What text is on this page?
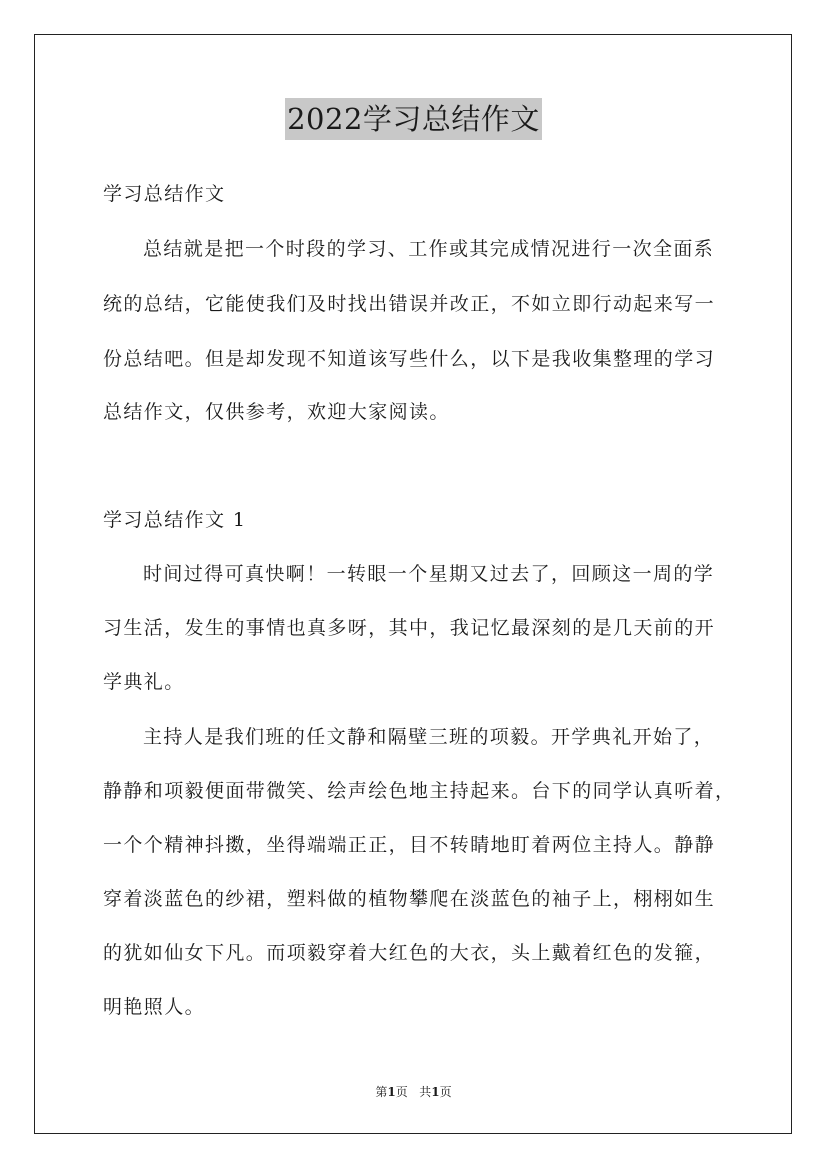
2022学习总结作文
学习总结作文
总结就是把一个时段的学习、工作或其完成情况进行一次全面系
统的总结，它能使我们及时找出错误并改正，不如立即行动起来写一
份总结吧。但是却发现不知道该写些什么，以下是我收集整理的学习
总结作文，仅供参考，欢迎大家阅读。
学习总结作文 1
时间过得可真快啊！一转眼一个星期又过去了，回顾这一周的学
习生活，发生的事情也真多呀，其中，我记忆最深刻的是几天前的开
学典礼。
主持人是我们班的任文静和隔壁三班的项毅。开学典礼开始了，
静静和项毅便面带微笑、绘声绘色地主持起来。台下的同学认真听着，
一个个精神抖擞，坐得端端正正，目不转睛地盯着两位主持人。静静
穿着淡蓝色的纱裙，塑料做的植物攀爬在淡蓝色的袖子上，栩栩如生
的犹如仙女下凡。而项毅穿着大红色的大衣，头上戴着红色的发箍，
明艳照人。
第1页 共1页
